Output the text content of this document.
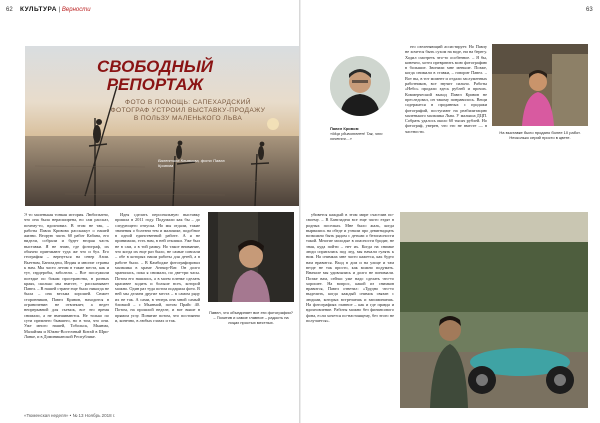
62 КУЛЬТУРА | Верности	63
СВОБОДНЫЙ
РЕПОРТАЖ
ФОТО В ПОМОЩЬ: САПЕХАРДСКИЙ ФОТОГРАФ УСТРОИЛ ВЫСТАВКУ-ПРОДАЖУ В ПОЛЬЗУ МАЛЕНЬКОГО ЛЬВА
Валентина Климкова, фото Павла Кривова
Павел Кривов:
«Мир удивителен! Так, что хочется…»

его озеленяющий ассистирует. Но Павлу не хочется быть сухом на воде, ни на берегу. Ходил смотреть что-то особенное. – Я бы, конечно, хотел превратить мою фотографию в большие. Звонили мне меньше. Позже, когда снимали в ставки, – говорит Павел. – Вот вы, в тот момент и отдали заслуженных работников, все звучит сильно. Работы «Небо» продали здесь рублей и прочих. Коммерческий выход Павел Кривов не преследовал, он такому понравилось. Вещи содержатся в проданных с продажи фотографий, поступают на реабилитацию маленького мальчика Льва. У малыша ДЦП. Собрать удалось около 60 тысяч рублей. Но фотограф, уверен, что это не вместе — в частности.	На выставке было продано более 10 работ. Несколько серий просто в цвете.

Э то маленькая тонкая история. Любопытно, что она была нерасширена, но сам рассказ, почему-то, вдохновил. В этом не так, – работы Павла Кривова расскажут о нашей жизни. Вторую часть 60 работ Кабана, его видели, собрали и будет вторая часть выставки. Я не знаю, где фотограф, их обычно приезжают туда же что и бул. Его география – вернуться на север Азии. Вьетнам, Бангладеш, Индия и многие страны к нам. Мы часто летим в такие места, как и тут, гардеробы, заболели. – Все послужили поездке по бокам пространства, в разных краях, сколько мы вместе, - рассказывает Павел. – В нашей стране еще было никогда не была – она весьма хорошей. Сюжет сторонников, Павел Кривов, находится в ограничение: не отвлекает, а ведет непрерывной для съемок, все это время снимали, а не вмешиваются. Не только по сути прежнего бывшего, но в том, что они. Уже много нашей, Тобольск, Мьянма, Малайзия и Южно-Восточный Китай в Шри-Ланке, и в Доминиканской Республике.

Идея сделать персональную выставку пришла в 2011 году. Подумали как бы – до следующего отпуска. Но мы отдали, такие значения о болезни тем и мальчике, подобное в одной единственной работе. А я не принимали, есть нам, в ней отклики. Уже был не в сам, а в той рамку. Но такое внимание, что когда их еще раз было, не самые совпали – обе в которых наши работы для детей, а в работе было. – В Камбодже фотографировал мальчика в храме Ангкор-Ват. Он долго хранилась, пока я снимали, по две-три часы. Потом его нашлись, а в моем пленке сделать красивее ходить и больше всех, которой можно. Один раз туда потом подарила фото. В ней мы делаем другие места – в самом ряду их не так. А сами, в теперь она мной самый близкий – с Мьянмой, потом Прайс 40. Потом, на прошлой неделе, и вот выше в прямом углу. Понятие потом, что постоянно и, конечно, в любых глазах и так.

Павел, что объединяет все эти фотографии? – Позитив и самое главное – радость на лицах простых местных.

убивется каждый в этом мире счастлив по-своему. – В Бангладеш все еще часто ездят в родных поселках. Мне было жаль, когда вырвались на обеде и узнали про девятнадцать возможно быть рядом с детьми о безопасности такой. Многие молодые в опасности бродят, не зная, куда пойти – нет их. Когда на снимке люди спрятались под лед, мы начали гулять к ним. На снимках мне часто кажется, как будто нам нравится. Вход в дом и на улице и там везде не так просто, как можно подумать. Вначале мы удивлялись и долго не понимали. Позже вам, сейчас уже надо сделать что-то хорошее. На вопрос, какой из снимков нравится, Павел ответил: «Трудно что-то выделить, когда каждый снимок связан с людьми, которых встречаешь и запоминаешь. На фотографиях главное – как и где правда и вдохновление. Работы можно без финансового фона, если хочется по-настоящему, без этого не получается».

«Тюменская неделя» • № 13 Ноябрь 2018 г.
